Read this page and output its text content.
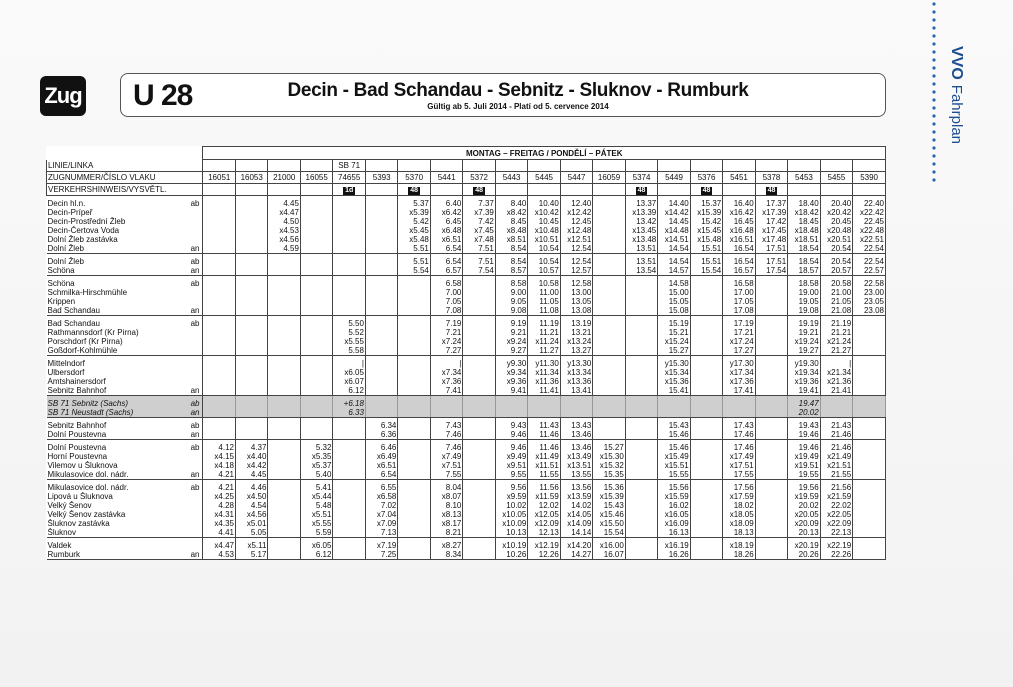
Zug U 28	Decin - Bad Schandau - Sebnitz - Sluknov - Rumburk
Gültig ab 5. Juli 2014 - Platí od 5. cervence 2014
VVOFahrplan
		MONTAG – FREITAG / PONDĚLÍ – PÁTEK																				
LINIE/LINKA						SB 71																
ZUGNUMMER/ČÍSLO VLAKU		16051	16053	21000	16055	74655	5393	5370	5441	5372	5443	5445	5447	16059	5374	5449	5376	5451	5378	5453	5455	5390
VERKEHRSHINWEIS/VYSVĚTL.						1d		48		48					48		48		48			

Decin hl.n.	ab			4.45				5.37	6.40	7.37	8.40	10.40	12.40		13.37	14.40	15.37	16.40	17.37	18.40	20.40	22.40
Decin-Prípeř				x4.47				x5.39	x6.42	x7.39	x8.42	x10.42	x12.42		x13.39	x14.42	x15.39	x16.42	x17.39	x18.42	x20.42	x22.42
Decin-Prostřední Žleb				4.50				5.42	6.45	7.42	8.45	10.45	12.45		13.42	14.45	15.42	16.45	17.42	18.45	20.45	22.45
Decin-Čertova Voda				x4.53				x5.45	x6.48	x7.45	x8.48	x10.48	x12.48		x13.45	x14.48	x15.45	x16.48	x17.45	x18.48	x20.48	x22.48
Dolní Žleb zastávka				x4.56				x5.48	x6.51	x7.48	x8.51	x10.51	x12.51		x13.48	x14.51	x15.48	x16.51	x17.48	x18.51	x20.51	x22.51
Dolní Žleb	an			4.59				5.51	6.54	7.51	8.54	10.54	12.54		13.51	14.54	15.51	16.54	17.51	18.54	20.54	22.54

Dolní Žleb	ab							5.51	6.54	7.51	8.54	10.54	12.54		13.51	14.54	15.51	16.54	17.51	18.54	20.54	22.54
Schöna	an							5.54	6.57	7.54	8.57	10.57	12.57		13.54	14.57	15.54	16.57	17.54	18.57	20.57	22.57

Schöna	ab								6.58		8.58	10.58	12.58			14.58		16.58		18.58	20.58	22.58
Schmilka-Hirschmühle									7.00		9.00	11.00	13.00			15.00		17.00		19.00	21.00	23.00
Krippen									7.05		9.05	11.05	13.05			15.05		17.05		19.05	21.05	23.05
Bad Schandau	an								7.08		9.08	11.08	13.08			15.08		17.08		19.08	21.08	23.08

Bad Schandau	ab					5.50			7.19		9.19	11.19	13.19			15.19		17.19		19.19	21.19	
Rathmannsdorf (Kr Pirna)						5.52			7.21		9.21	11.21	13.21			15.21		17.21		19.21	21.21	
Porschdorf (Kr Pirna)						x5.55			x7.24		x9.24	x11.24	x13.24			x15.24		x17.24		x19.24	x21.24	
Goßdorf-Kohlmühle						5.58			7.27		9.27	11.27	13.27			15.27		17.27		19.27	21.27	

Mittelndorf						|			|		y9.30	y11.30	y13.30			y15.30		y17.30		y19.30	|	
Ulbersdorf						x6.05			x7.34		x9.34	x11.34	x13.34			x15.34		x17.34		x19.34	x21.34	
Amtshainersdorf						x6.07			x7.36		x9.36	x11.36	x13.36			x15.36		x17.36		x19.36	x21.36	
Sebnitz Bahnhof	an					6.12			7.41		9.41	11.41	13.41			15.41		17.41		19.41	21.41	

SB 71 Sebnitz (Sachs)	ab					+6.18														19.47		
SB 71 Neustadt (Sachs)	an					6.33														20.02		

Sebnitz Bahnhof	ab						6.34		7.43		9.43	11.43	13.43			15.43		17.43		19.43	21.43	
Dolní Poustevna	an						6.36		7.46		9.46	11.46	13.46			15.46		17.46		19.46	21.46	

Dolní Poustevna	ab	4.12	4.37		5.32		6.46		7.46		9.46	11.46	13.46	15.27		15.46		17.46		19.46	21.46	
Horní Poustevna		x4.15	x4.40		x5.35		x6.49		x7.49		x9.49	x11.49	x13.49	x15.30		x15.49		x17.49		x19.49	x21.49	
Vilemov u Šluknova		x4.18	x4.42		x5.37		x6.51		x7.51		x9.51	x11.51	x13.51	x15.32		x15.51		x17.51		x19.51	x21.51	
Mikulasovice dol. nádr.	an	4.21	4.45		5.40		6.54		7.55		9.55	11.55	13.55	15.35		15.55		17.55		19.55	21.55	

Mikulasovice dol. nádr.	ab	4.21	4.46		5.41		6.55		8.04		9.56	11.56	13.56	15.36		15.56		17.56		19.56	21.56	
Lipová u Šluknova		x4.25	x4.50		x5.44		x6.58		x8.07		x9.59	x11.59	x13.59	x15.39		x15.59		x17.59		x19.59	x21.59	
Velký Šenov		4.28	4.54		5.48		7.02		8.10		10.02	12.02	14.02	15.43		16.02		18.02		20.02	22.02	
Velký Šenov zastávka		x4.31	x4.56		x5.51		x7.04		x8.13		x10.05	x12.05	x14.05	x15.46		x16.05		x18.05		x20.05	x22.05	
Šluknov zastávka		x4.35	x5.01		x5.55		x7.09		x8.17		x10.09	x12.09	x14.09	x15.50		x16.09		x18.09		x20.09	x22.09	
Šluknov		4.41	5.05		5.59		7.13		8.21		10.13	12.13	14.14	15.54		16.13		18.13		20.13	22.13	

Valdek		x4.47	x5.11		x6.05		x7.19		x8.27		x10.19	x12.19	x14.20	x16.00		x16.19		x18.19		x20.19	x22.19	
Rumburk	an	4.53	5.17		6.12		7.25		8.34		10.26	12.26	14.27	16.07		16.26		18.26		20.26	22.26	
